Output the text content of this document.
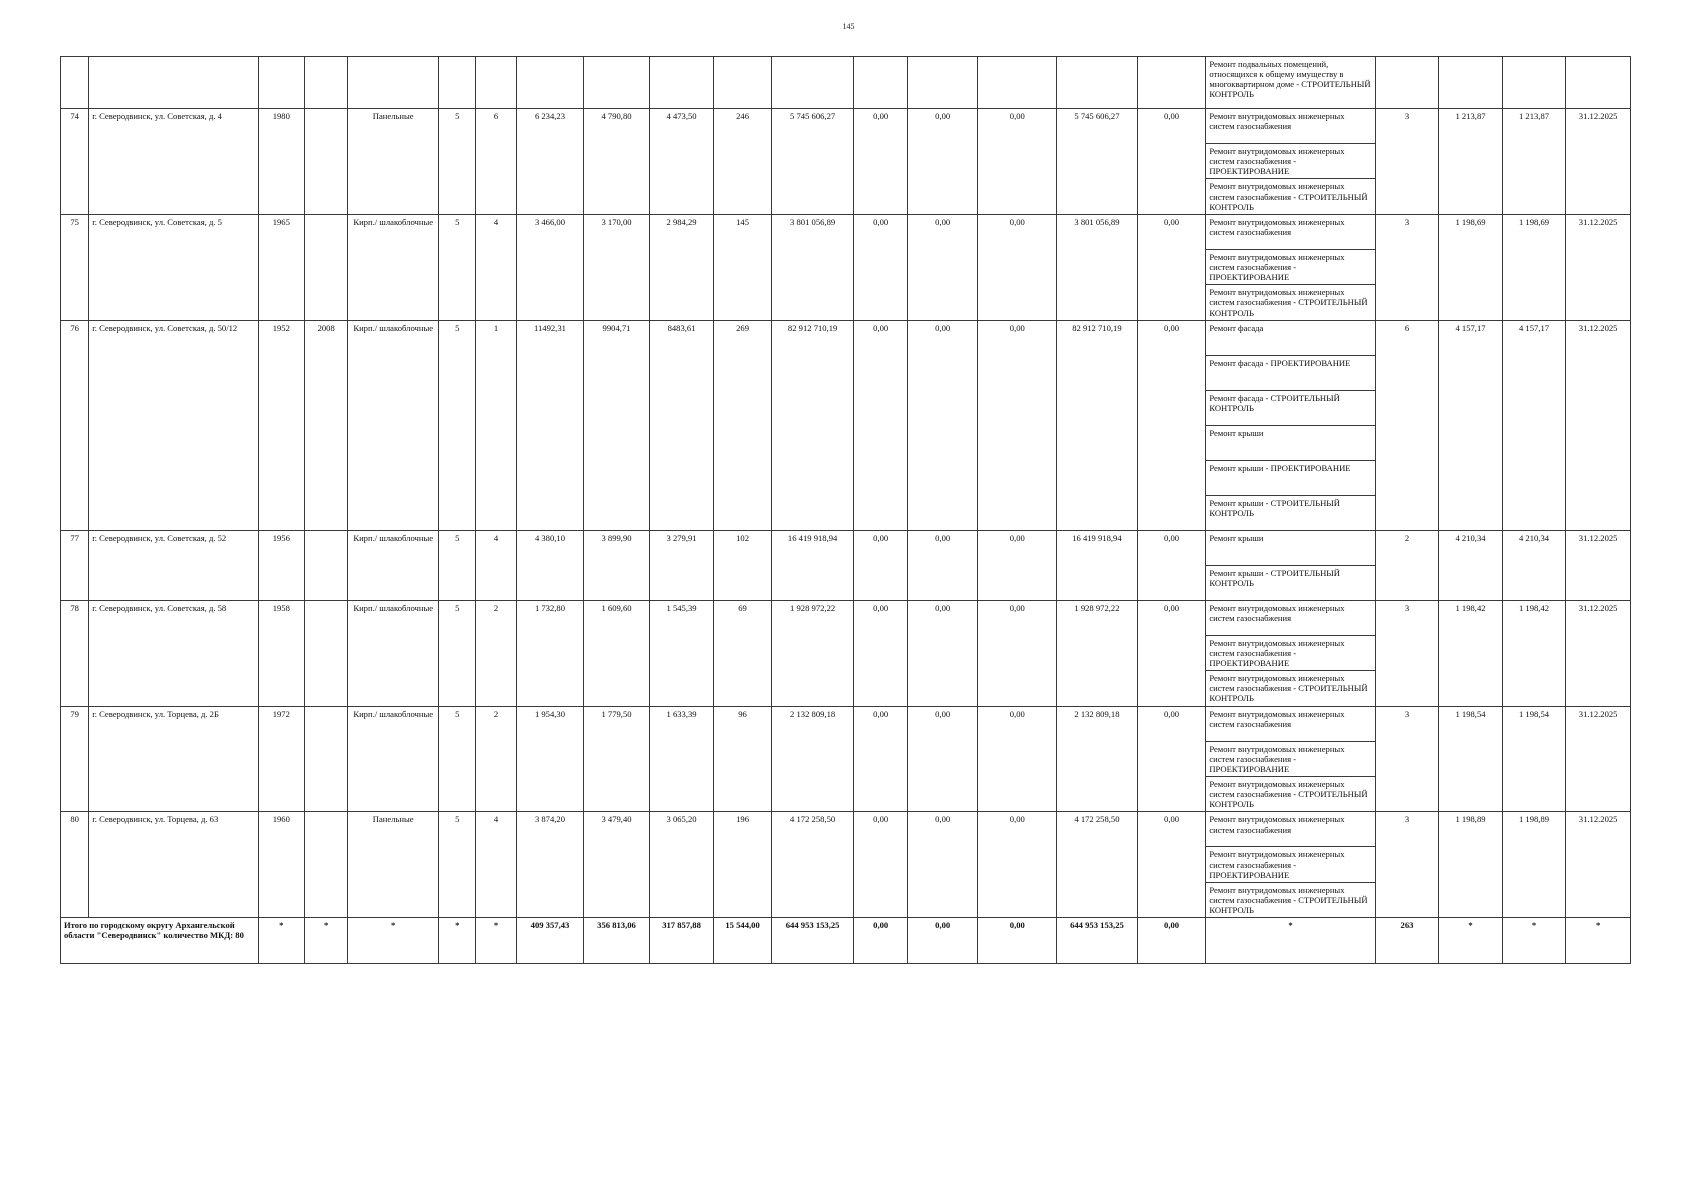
145
																	Ремонт подвальных помещений, относящихся к общему имуществу в многоквартирном доме - СТРОИТЕЛЬНЫЙ КОНТРОЛЬ				
74	г. Северодвинск, ул. Советская, д. 4	1980		Панельные	5	6	6 234,23	4 790,80	4 473,50	246	5 745 606,27	0,00	0,00	0,00	5 745 606,27	0,00	Ремонт внутридомовых инженерных систем газоснабжения	3	1 213,87	1 213,87	31.12.2025
																	Ремонт внутридомовых инженерных систем газоснабжения - ПРОЕКТИРОВАНИЕ				
																	Ремонт внутридомовых инженерных систем газоснабжения - СТРОИТЕЛЬНЫЙ КОНТРОЛЬ				
75	г. Северодвинск, ул. Советская, д. 5	1965		Кирп./ шлакоблочные	5	4	3 466,00	3 170,00	2 984,29	145	3 801 056,89	0,00	0,00	0,00	3 801 056,89	0,00	Ремонт внутридомовых инженерных систем газоснабжения	3	1 198,69	1 198,69	31.12.2025
																	Ремонт внутридомовых инженерных систем газоснабжения - ПРОЕКТИРОВАНИЕ				
																	Ремонт внутридомовых инженерных систем газоснабжения - СТРОИТЕЛЬНЫЙ КОНТРОЛЬ				
76	г. Северодвинск, ул. Советская, д. 50/12	1952	2008	Кирп./ шлакоблочные	5	1	11492,31	9904,71	8483,61	269	82 912 710,19	0,00	0,00	0,00	82 912 710,19	0,00	Ремонт фасада	6	4 157,17	4 157,17	31.12.2025
																	Ремонт фасада - ПРОЕКТИРОВАНИЕ				
																	Ремонт фасада - СТРОИТЕЛЬНЫЙ КОНТРОЛЬ				
																	Ремонт крыши				
																	Ремонт крыши - ПРОЕКТИРОВАНИЕ				
																	Ремонт крыши - СТРОИТЕЛЬНЫЙ КОНТРОЛЬ				
77	г. Северодвинск, ул. Советская, д. 52	1956		Кирп./ шлакоблочные	5	4	4 380,10	3 899,90	3 279,91	102	16 419 918,94	0,00	0,00	0,00	16 419 918,94	0,00	Ремонт крыши	2	4 210,34	4 210,34	31.12.2025
																	Ремонт крыши - СТРОИТЕЛЬНЫЙ КОНТРОЛЬ				
78	г. Северодвинск, ул. Советская, д. 58	1958		Кирп./ шлакоблочные	5	2	1 732,80	1 609,60	1 545,39	69	1 928 972,22	0,00	0,00	0,00	1 928 972,22	0,00	Ремонт внутридомовых инженерных систем газоснабжения	3	1 198,42	1 198,42	31.12.2025
																	Ремонт внутридомовых инженерных систем газоснабжения - ПРОЕКТИРОВАНИЕ				
																	Ремонт внутридомовых инженерных систем газоснабжения - СТРОИТЕЛЬНЫЙ КОНТРОЛЬ				
79	г. Северодвинск, ул. Торцева, д. 2Б	1972		Кирп./ шлакоблочные	5	2	1 954,30	1 779,50	1 633,39	96	2 132 809,18	0,00	0,00	0,00	2 132 809,18	0,00	Ремонт внутридомовых инженерных систем газоснабжения	3	1 198,54	1 198,54	31.12.2025
																	Ремонт внутридомовых инженерных систем газоснабжения - ПРОЕКТИРОВАНИЕ				
																	Ремонт внутридомовых инженерных систем газоснабжения - СТРОИТЕЛЬНЫЙ КОНТРОЛЬ				
80	г. Северодвинск, ул. Торцева, д. 63	1960		Панельные	5	4	3 874,20	3 479,40	3 065,20	196	4 172 258,50	0,00	0,00	0,00	4 172 258,50	0,00	Ремонт внутридомовых инженерных систем газоснабжения	3	1 198,89	1 198,89	31.12.2025
																	Ремонт внутридомовых инженерных систем газоснабжения - ПРОЕКТИРОВАНИЕ				
																	Ремонт внутридомовых инженерных систем газоснабжения - СТРОИТЕЛЬНЫЙ КОНТРОЛЬ				
Итого по городскому округу Архангельской области "Северодвинск" количество МКД: 80		*	*	*	*	*	409 357,43	356 813,06	317 857,88	15 544,00	644 953 153,25	0,00	0,00	0,00	644 953 153,25	0,00	*	263	*	*	*
